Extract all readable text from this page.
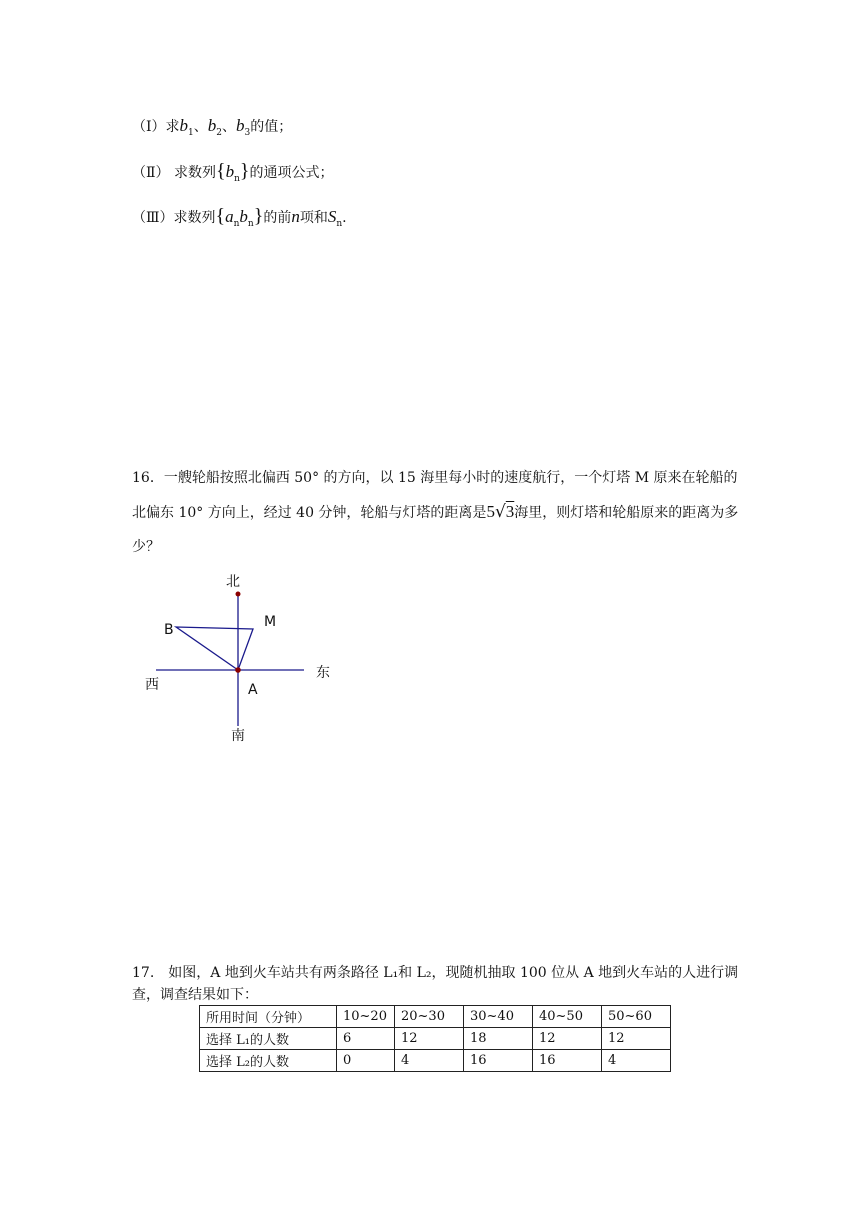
（Ⅰ）求$b_1$、$b_2$、$b_3$的值；
（Ⅱ） 求数列$\{b_n\}$的通项公式；
（Ⅲ）求数列$\{a_nb_n\}$的前n项和$S_n$.
16．一艘轮船按照北偏西 50° 的方向，以 15 海里每小时的速度航行，一个灯塔 M 原来在轮船的北偏东 10° 方向上，经过 40 分钟，轮船与灯塔的距离是5√3海里，则灯塔和轮船原来的距离为多少？
北
南
东
西
B	M
A
17.　如图，A 地到火车站共有两条路径 L₁和 L₂，现随机抽取 100 位从 A 地到火车站的人进行调查，调查结果如下：
所用时间（分钟）	10~20	20~30	30~40	40~50	50~60
选择 L₁的人数	6	12	18	12	12
选择 L₂的人数	0	4	16	16	4
